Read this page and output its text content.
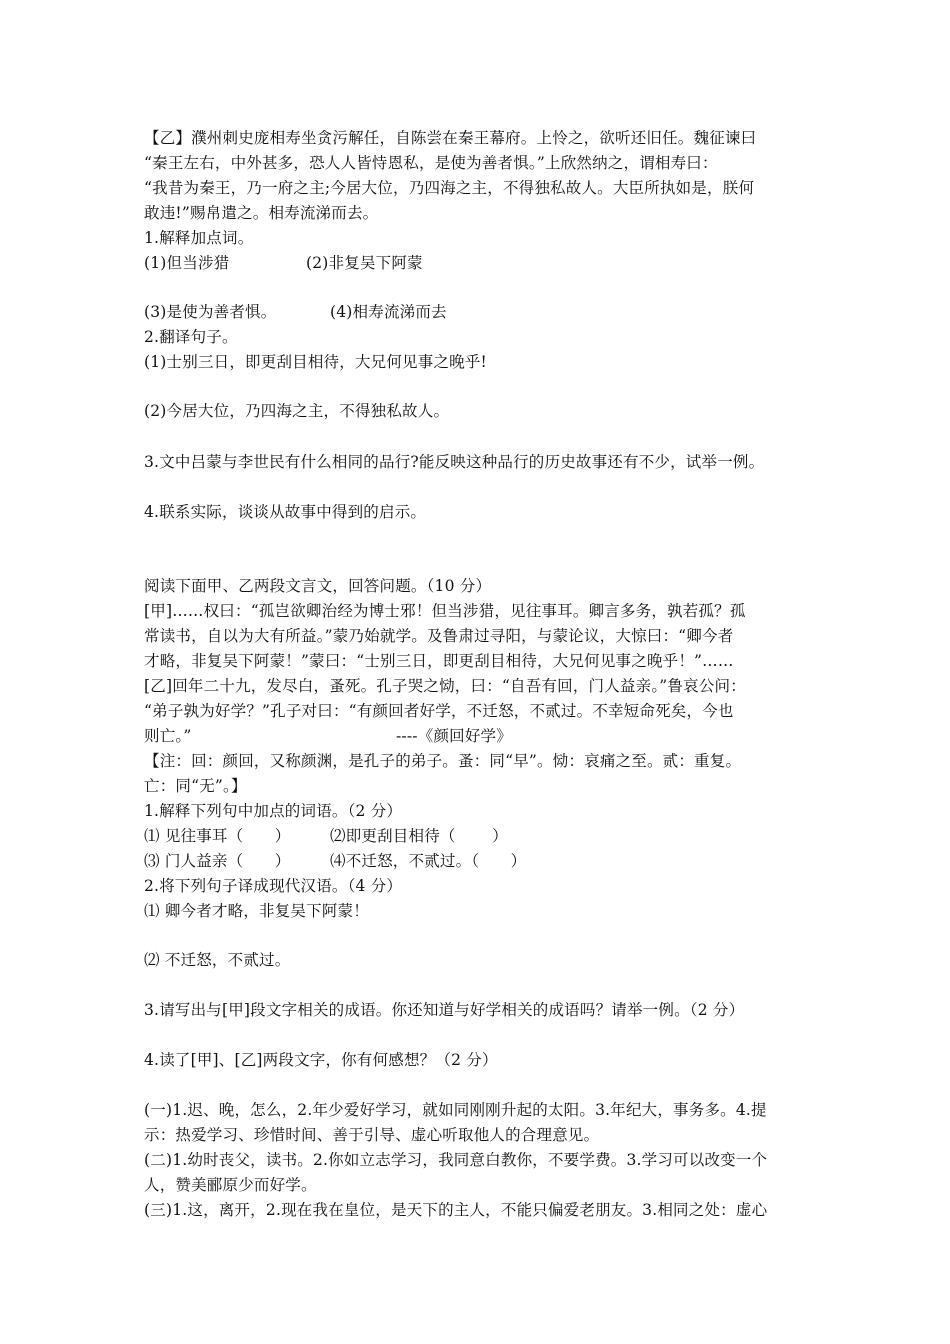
【乙】濮州刺史庞相寿坐贪污解任，自陈尝在秦王幕府。上怜之，欲听还旧任。魏征谏曰
“秦王左右，中外甚多，恐人人皆恃恩私，是使为善者惧。”上欣然纳之，谓相寿曰：
“我昔为秦王，乃一府之主;今居大位，乃四海之主，不得独私故人。大臣所执如是，朕何
敢违!”赐帛遣之。相寿流涕而去。
1.解释加点词。
(1)但当涉猎	(2)非复吴下阿蒙
(3)是使为善者惧。	(4)相寿流涕而去
2.翻译句子。
(1)士别三日，即更刮目相待，大兄何见事之晚乎!
(2)今居大位，乃四海之主，不得独私故人。
3.文中吕蒙与李世民有什么相同的品行?能反映这种品行的历史故事还有不少，试举一例。
4.联系实际，谈谈从故事中得到的启示。
阅读下面甲、乙两段文言文，回答问题。（10 分）
[甲]……权曰：“孤岂欲卿治经为博士邪！但当涉猎，见往事耳。卿言多务，孰若孤？孤
常读书，自以为大有所益。”蒙乃始就学。及鲁肃过寻阳，与蒙论议，大惊曰：“卿今者
才略，非复吴下阿蒙！”蒙曰：“士别三日，即更刮目相待，大兄何见事之晚乎！”……
[乙]回年二十九，发尽白，蚤死。孔子哭之恸，曰：“自吾有回，门人益亲。”鲁哀公问：
“弟子孰为好学？”孔子对曰：“有颜回者好学，不迁怒，不贰过。不幸短命死矣，今也
则亡。”	----《颜回好学》
【注：回：颜回，又称颜渊，是孔子的弟子。蚤：同“早”。恸：哀痛之至。贰：重复。
亡：同“无”。】
1.解释下列句中加点的词语。（2 分）
⑴ 见往事耳（　　）	⑵即更刮目相待（　　 ）
⑶ 门人益亲（　　）	⑷不迁怒，不贰过。（　　）
2.将下列句子译成现代汉语。（4 分）
⑴ 卿今者才略，非复吴下阿蒙！
⑵ 不迁怒，不贰过。
3.请写出与[甲]段文字相关的成语。你还知道与好学相关的成语吗？请举一例。（2 分）
4.读了[甲]、[乙]两段文字，你有何感想？（2 分）
(一)1.迟、晚，怎么，2.年少爱好学习，就如同刚刚升起的太阳。3.年纪大，事务多。4.提
示：热爱学习、珍惜时间、善于引导、虚心听取他人的合理意见。
(二)1.幼时丧父，读书。2.你如立志学习，我同意白教你，不要学费。3.学习可以改变一个
人，赞美郦原少而好学。
(三)1.这，离开，2.现在我在皇位，是天下的主人，不能只偏爱老朋友。3.相同之处：虚心
